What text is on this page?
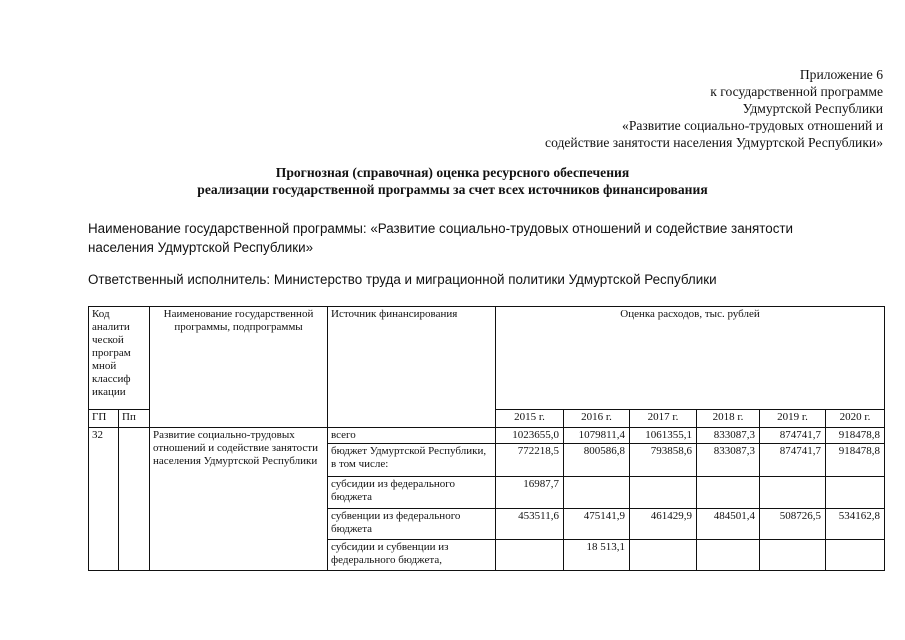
Приложение 6
к государственной программе
Удмуртской Республики
«Развитие социально-трудовых отношений и
содействие занятости населения Удмуртской Республики»
Прогнозная (справочная) оценка ресурсного обеспечения
реализации государственной программы за счет всех источников финансирования
Наименование государственной программы: «Развитие социально-трудовых отношений и содействие занятости населения Удмуртской Республики»
Ответственный исполнитель: Министерство труда и миграционной политики Удмуртской Республики
Код аналити ческой програм мной классиф икации		Наименование государственной программы, подпрограммы	Источник финансирования	Оценка расходов, тыс. рублей					
ГП	Пп			2015 г.	2016 г.	2017 г.	2018 г.	2019 г.	2020 г.
32		Развитие социально-трудовых отношений и содействие занятости населения Удмуртской Республики	всего	1023655,0	1079811,4	1061355,1	833087,3	874741,7	918478,8
			бюджет Удмуртской Республики, в том числе:	772218,5	800586,8	793858,6	833087,3	874741,7	918478,8
			субсидии из федерального бюджета	16987,7					
			субвенции из федерального бюджета	453511,6	475141,9	461429,9	484501,4	508726,5	534162,8
			субсидии и субвенции из федерального бюджета,		18 513,1				
